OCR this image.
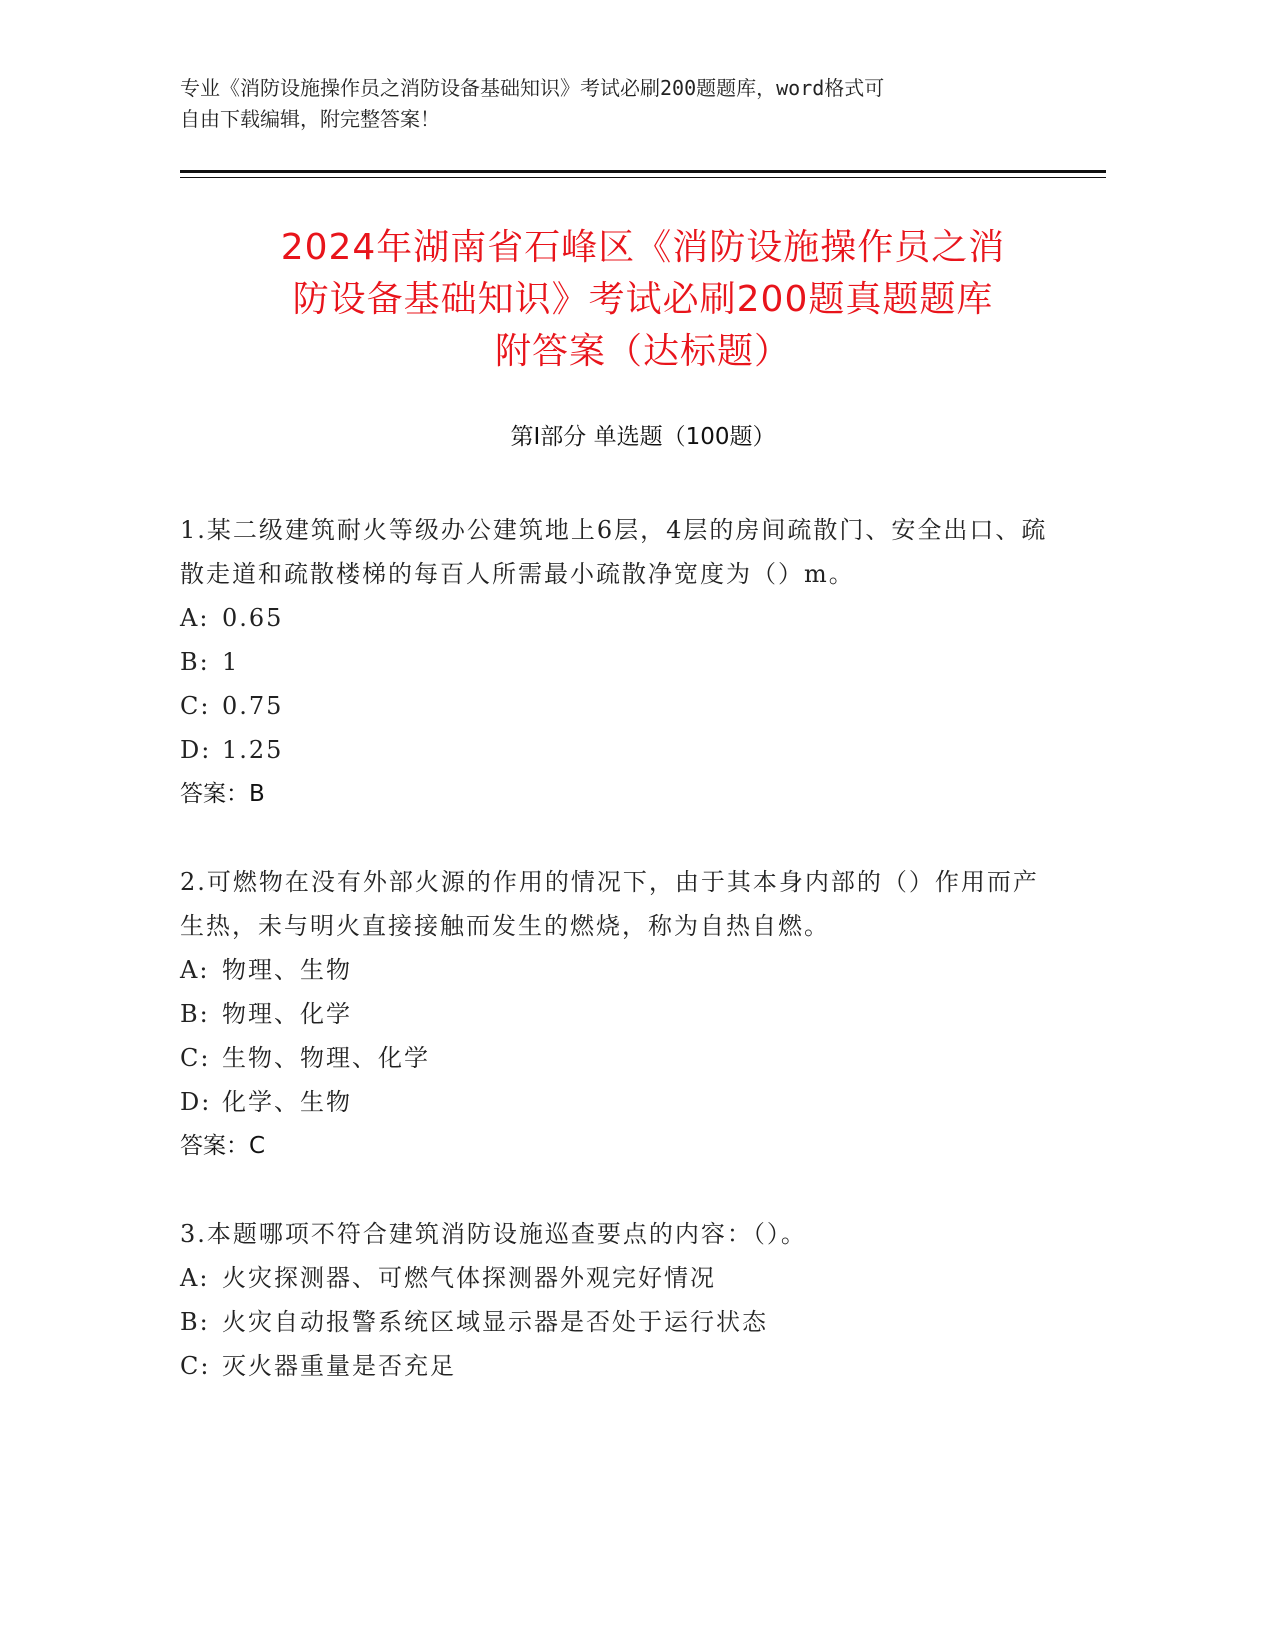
专业《消防设施操作员之消防设备基础知识》考试必刷200题题库，word格式可
自由下载编辑，附完整答案！
2024年湖南省石峰区《消防设施操作员之消
防设备基础知识》考试必刷200题真题题库
附答案（达标题）
第Ⅰ部分 单选题（100题）
1.某二级建筑耐火等级办公建筑地上6层，4层的房间疏散门、安全出口、疏散走道和疏散楼梯的每百人所需最小疏散净宽度为（）m。
A: 0.65
B: 1
C: 0.75
D: 1.25
答案：B
2.可燃物在没有外部火源的作用的情况下，由于其本身内部的（）作用而产生热，未与明火直接接触而发生的燃烧，称为自热自燃。
A: 物理、生物
B: 物理、化学
C: 生物、物理、化学
D: 化学、生物
答案：C
3.本题哪项不符合建筑消防设施巡查要点的内容：（）。
A: 火灾探测器、可燃气体探测器外观完好情况
B: 火灾自动报警系统区域显示器是否处于运行状态
C: 灭火器重量是否充足
